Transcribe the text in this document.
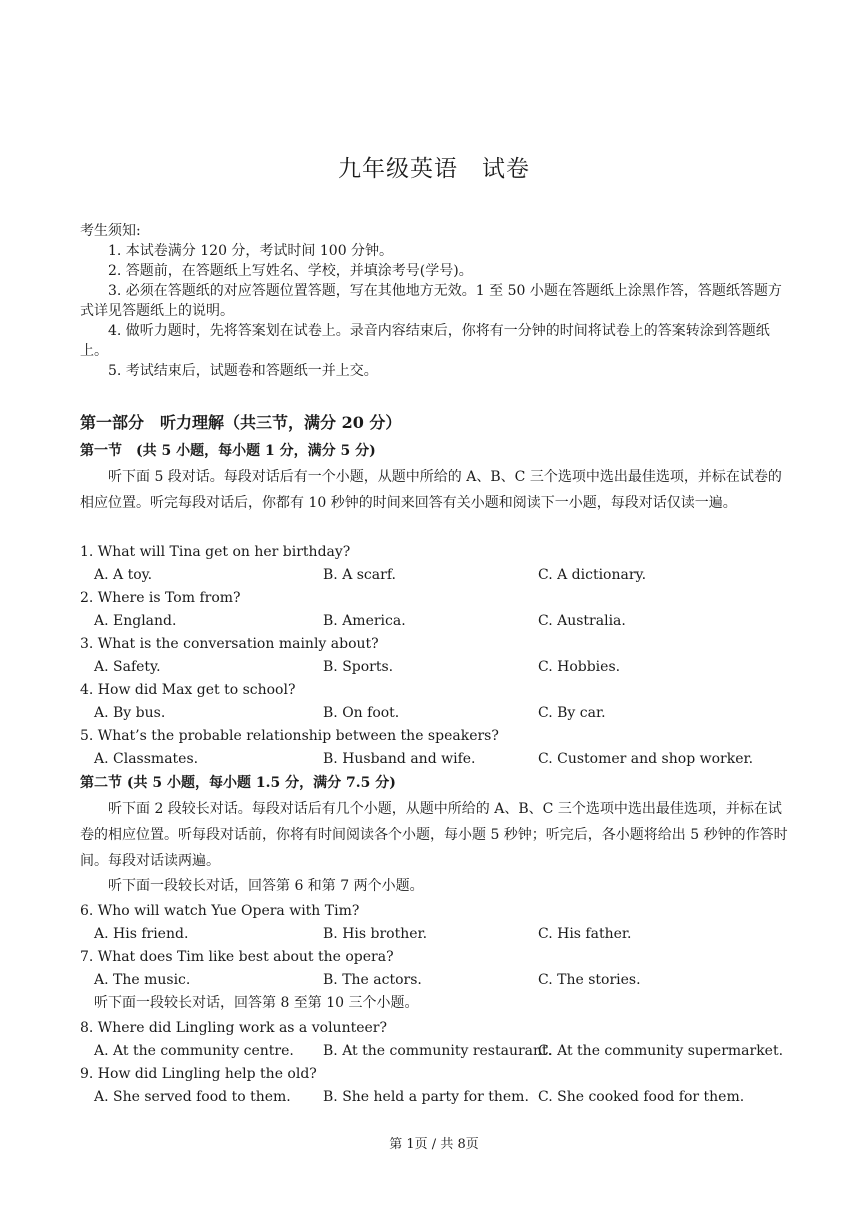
九年级英语　试卷

考生须知:

1. 本试卷满分 120 分，考试时间 100 分钟。

2. 答题前，在答题纸上写姓名、学校，并填涂考号(学号)。

3. 必须在答题纸的对应答题位置答题，写在其他地方无效。1 至 50 小题在答题纸上涂黑作答，答题纸答题方式详见答题纸上的说明。

4. 做听力题时，先将答案划在试卷上。录音内容结束后，你将有一分钟的时间将试卷上的答案转涂到答题纸上。

5. 考试结束后，试题卷和答题纸一并上交。

第一部分　听力理解（共三节，满分 20 分）

第一节　(共 5 小题，每小题 1 分，满分 5 分)

听下面 5 段对话。每段对话后有一个小题，从题中所给的 A、B、C 三个选项中选出最佳选项，并标在试卷的相应位置。听完每段对话后，你都有 10 秒钟的时间来回答有关小题和阅读下一小题，每段对话仅读一遍。

1. What will Tina get on her birthday?
A. A toy.	B. A scarf.	C. A dictionary.
2. Where is Tom from?
A. England.	B. America.	C. Australia.
3. What is the conversation mainly about?
A. Safety.	B. Sports.	C. Hobbies.
4. How did Max get to school?
A. By bus.	B. On foot.	C. By car.
5. What’s the probable relationship between the speakers?
A. Classmates.	B. Husband and wife.	C. Customer and shop worker.

第二节 (共 5 小题，每小题 1.5 分，满分 7.5 分)

听下面 2 段较长对话。每段对话后有几个小题，从题中所给的 A、B、C 三个选项中选出最佳选项，并标在试卷的相应位置。听每段对话前，你将有时间阅读各个小题，每小题 5 秒钟；听完后，各小题将给出 5 秒钟的作答时间。每段对话读两遍。

听下面一段较长对话，回答第 6 和第 7 两个小题。
6. Who will watch Yue Opera with Tim?
A. His friend.	B. His brother.	C. His father.
7. What does Tim like best about the opera?
A. The music.	B. The actors.	C. The stories.
听下面一段较长对话，回答第 8 至第 10 三个小题。
8. Where did Lingling work as a volunteer?
A. At the community centre. B. At the community restaurant.
C. At the community supermarket.
9. How did Lingling help the old?
A. She served food to them. B. She held a party for them. C. She cooked food for them.
第 1页 / 共 8页
